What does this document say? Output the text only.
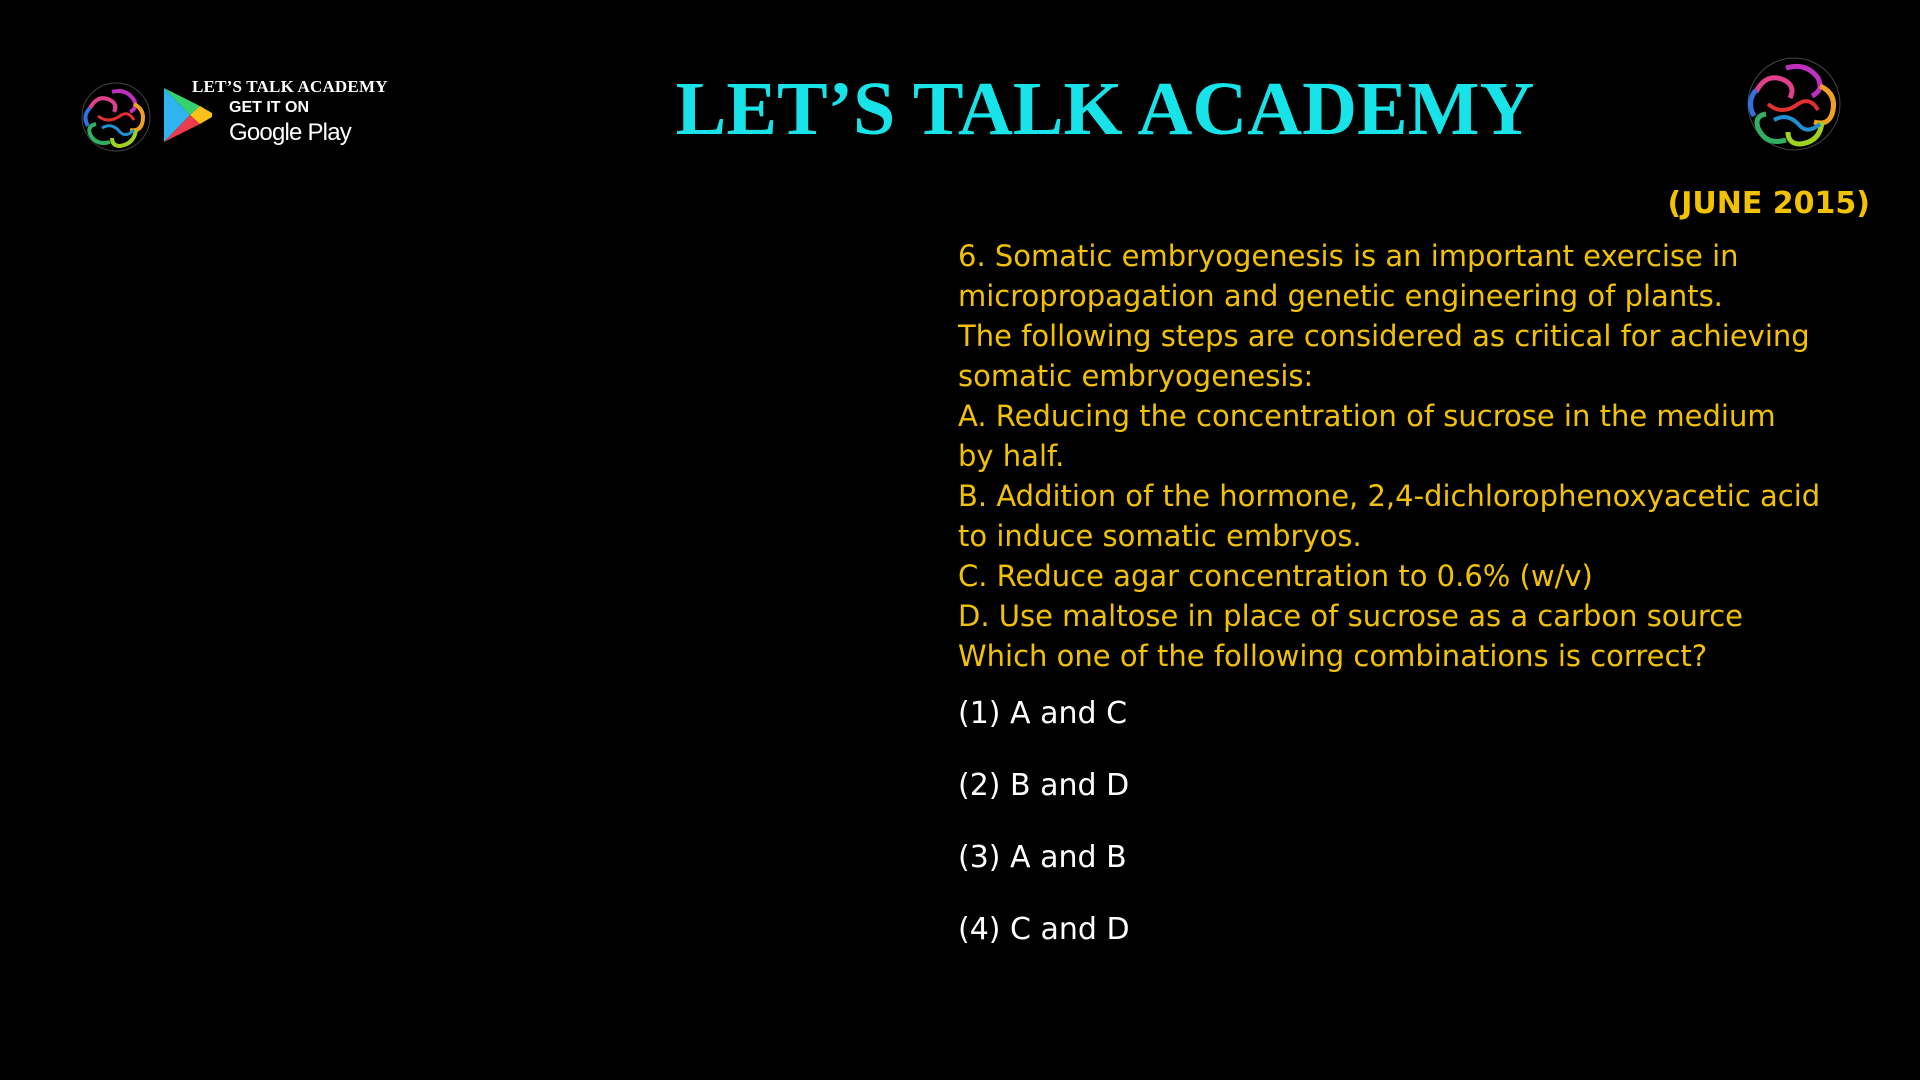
LET’S TALK ACADEMY
GET IT ON
Google Play	LET’S TALK ACADEMY
(JUNE 2015)
6. Somatic embryogenesis is an important exercise in
micropropagation and genetic engineering of plants.
The following steps are considered as critical for achieving
somatic embryogenesis:
A. Reducing the concentration of sucrose in the medium
by half.
B. Addition of the hormone, 2,4-dichlorophenoxyacetic acid
to induce somatic embryos.
C. Reduce agar concentration to 0.6% (w/v)
D. Use maltose in place of sucrose as a carbon source
Which one of the following combinations is correct?
(1) A and C
(2) B and D
(3) A and B
(4) C and D
